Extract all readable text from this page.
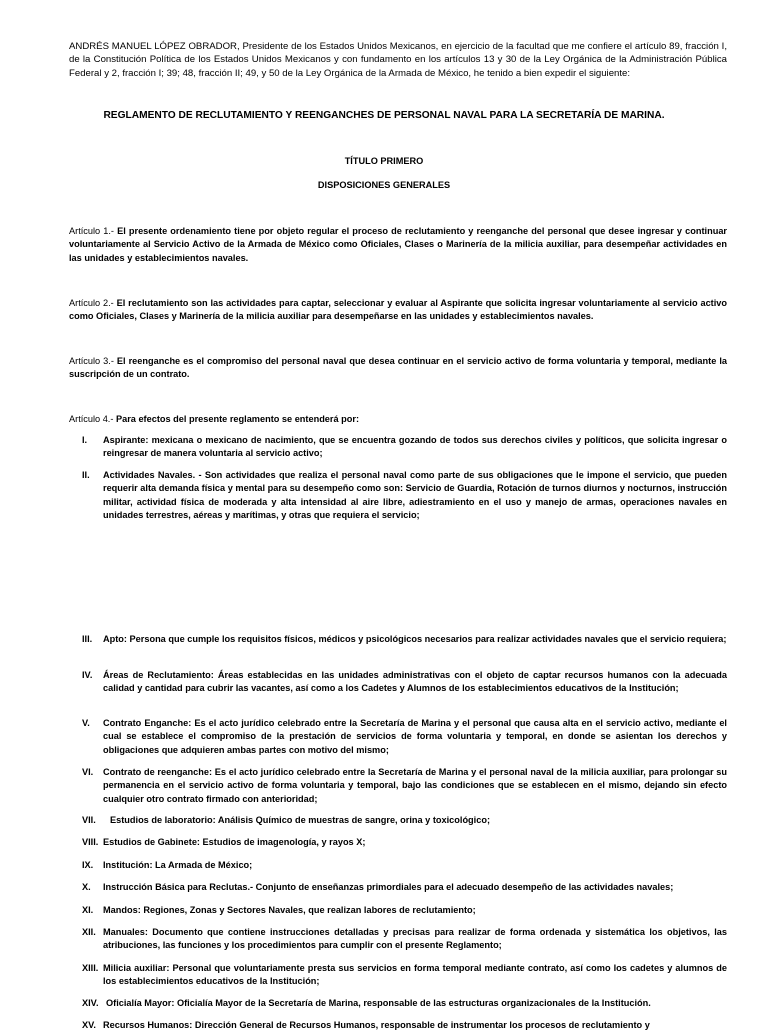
ANDRÉS MANUEL LÓPEZ OBRADOR, Presidente de los Estados Unidos Mexicanos, en ejercicio de la facultad que me confiere el artículo 89, fracción I, de la Constitución Política de los Estados Unidos Mexicanos y con fundamento en los artículos 13 y 30 de la Ley Orgánica de la Administración Pública Federal y 2, fracción I; 39; 48, fracción II; 49, y 50 de la Ley Orgánica de la Armada de México, he tenido a bien expedir el siguiente:

REGLAMENTO DE RECLUTAMIENTO Y REENGANCHES DE PERSONAL NAVAL PARA LA SECRETARÍA DE MARINA.

TÍTULO PRIMERO

DISPOSICIONES GENERALES

Artículo 1.- El presente ordenamiento tiene por objeto regular el proceso de reclutamiento y reenganche del personal que desee ingresar y continuar voluntariamente al Servicio Activo de la Armada de México como Oficiales, Clases o Marinería de la milicia auxiliar, para desempeñar actividades en las unidades y establecimientos navales.

Artículo 2.- El reclutamiento son las actividades para captar, seleccionar y evaluar al Aspirante que solicita ingresar voluntariamente al servicio activo como Oficiales, Clases y Marinería de la milicia auxiliar para desempeñarse en las unidades y establecimientos navales.

Artículo 3.- El reenganche es el compromiso del personal naval que desea continuar en el servicio activo de forma voluntaria y temporal, mediante la suscripción de un contrato.

Artículo 4.- Para efectos del presente reglamento se entenderá por:

I.	Aspirante: mexicana o mexicano de nacimiento, que se encuentra gozando de todos sus derechos civiles y políticos, que solicita ingresar o reingresar de manera voluntaria al servicio activo;
II.	Actividades Navales. - Son actividades que realiza el personal naval como parte de sus obligaciones que le impone el servicio, que pueden requerir alta demanda física y mental para su desempeño como son: Servicio de Guardia, Rotación de turnos diurnos y nocturnos, instrucción militar, actividad física de moderada y alta intensidad al aire libre, adiestramiento en el uso y manejo de armas, operaciones navales en unidades terrestres, aéreas y marítimas, y otras que requiera el servicio;
III.	Apto: Persona que cumple los requisitos físicos, médicos y psicológicos necesarios para realizar actividades navales que el servicio requiera;
IV.	Áreas de Reclutamiento: Áreas establecidas en las unidades administrativas con el objeto de captar recursos humanos con la adecuada calidad y cantidad para cubrir las vacantes, así como a los Cadetes y Alumnos de los establecimientos educativos de la Institución;
V.	Contrato Enganche: Es el acto jurídico celebrado entre la Secretaría de Marina y el personal que causa alta en el servicio activo, mediante el cual se establece el compromiso de la prestación de servicios de forma voluntaria y temporal, en donde se asientan los derechos y obligaciones que adquieren ambas partes con motivo del mismo;
VI.	Contrato de reenganche: Es el acto jurídico celebrado entre la Secretaría de Marina y el personal naval de la milicia auxiliar, para prolongar su permanencia en el servicio activo de forma voluntaria y temporal, bajo las condiciones que se establecen en el mismo, dejando sin efecto cualquier otro contrato firmado con anterioridad;
VII. Estudios de laboratorio: Análisis Químico de muestras de sangre, orina y toxicológico;
VIII. Estudios de Gabinete: Estudios de imagenología, y rayos X;
IX.	Institución: La Armada de México;
X.	Instrucción Básica para Reclutas.- Conjunto de enseñanzas primordiales para el adecuado desempeño de las actividades navales;
XI.	Mandos: Regiones, Zonas y Sectores Navales, que realizan labores de reclutamiento;
XII. Manuales: Documento que contiene instrucciones detalladas y precisas para realizar de forma ordenada y sistemática los objetivos, las atribuciones, las funciones y los procedimientos para cumplir con el presente Reglamento;
XIII. Milicia auxiliar: Personal que voluntariamente presta sus servicios en forma temporal mediante contrato, así como los cadetes y alumnos de los establecimientos educativos de la Institución;
XIV. Oficialía Mayor: Oficialía Mayor de la Secretaría de Marina, responsable de las estructuras organizacionales de la Institución.
XV. Recursos Humanos: Dirección General de Recursos Humanos, responsable de instrumentar los procesos de reclutamiento y
